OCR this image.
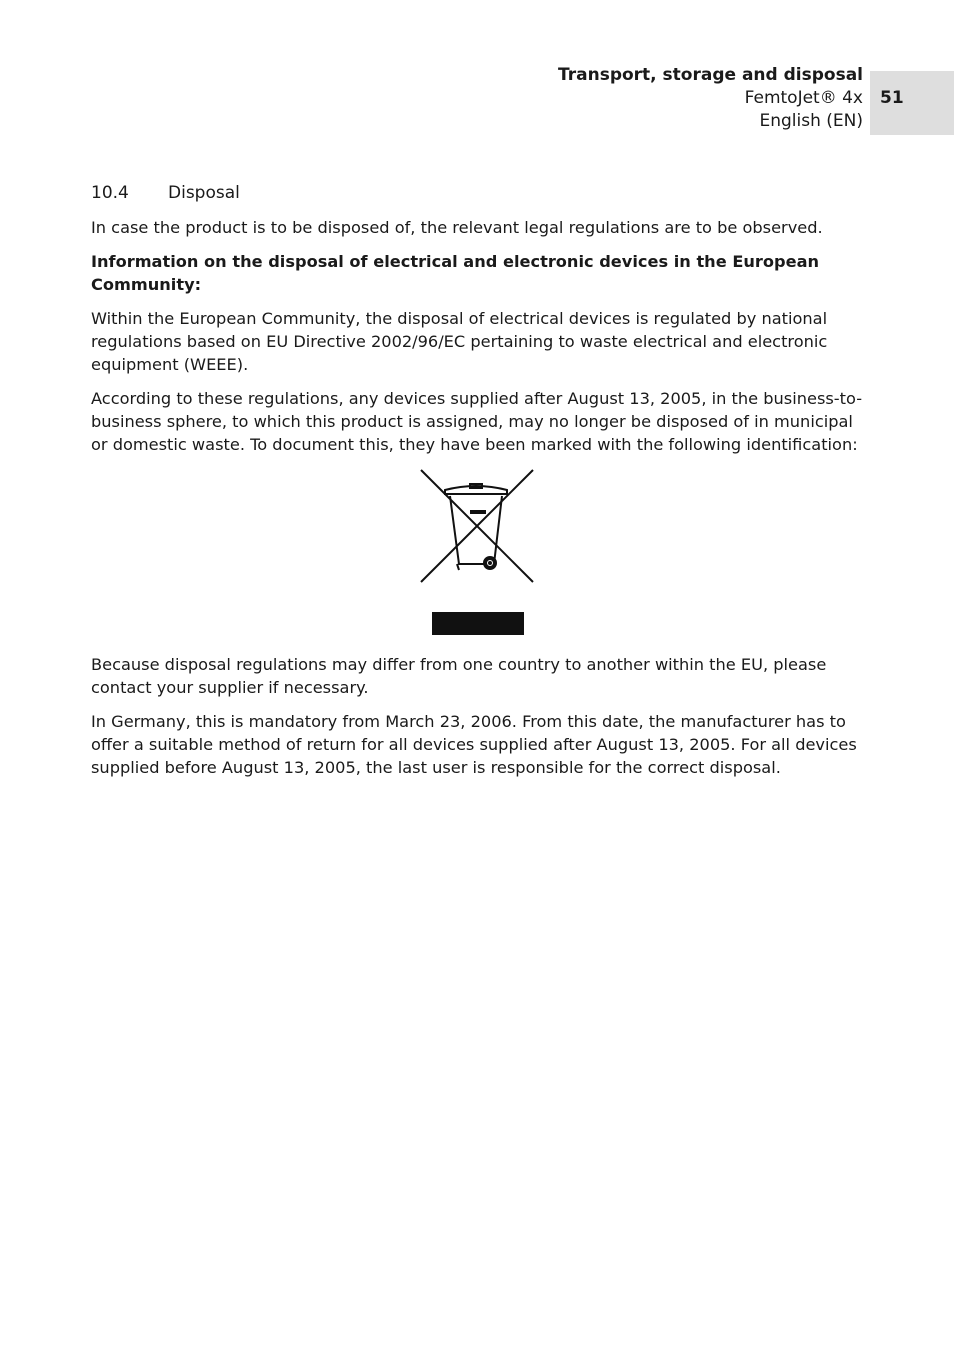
Transport, storage and disposal
FemtoJet® 4x
English (EN)
51
10.4 Disposal

In case the product is to be disposed of, the relevant legal regulations are to be observed.

Information on the disposal of electrical and electronic devices in the European Community:

Within the European Community, the disposal of electrical devices is regulated by national regulations based on EU Directive 2002/96/EC pertaining to waste electrical and electronic equipment (WEEE).

According to these regulations, any devices supplied after August 13, 2005, in the business-to-business sphere, to which this product is assigned, may no longer be disposed of in municipal or domestic waste. To document this, they have been marked with the following identification:

Because disposal regulations may differ from one country to another within the EU, please contact your supplier if necessary.

In Germany, this is mandatory from March 23, 2006. From this date, the manufacturer has to offer a suitable method of return for all devices supplied after August 13, 2005. For all devices supplied before August 13, 2005, the last user is responsible for the correct disposal.
